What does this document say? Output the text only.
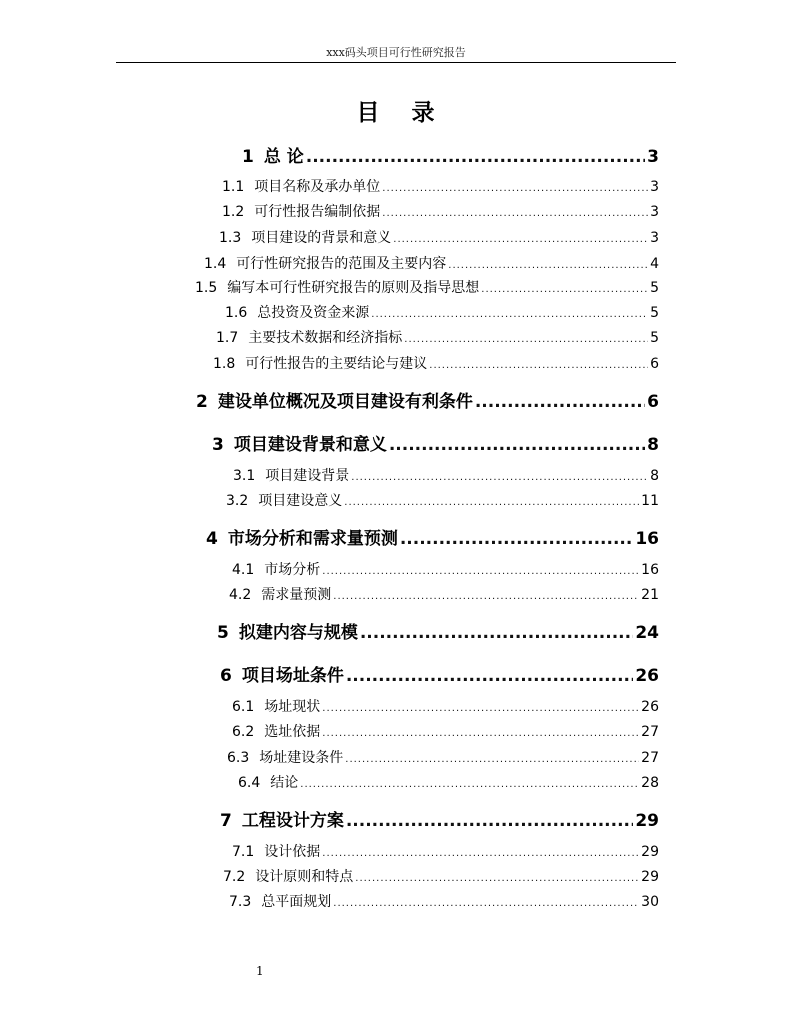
xxx码头项目可行性研究报告
目 录
1 总 论 .....	3
1.1 项目名称及承办单位 .....	3
1.2 可行性报告编制依据 .....	3
1.3 项目建设的背景和意义 .....	3
1.4 可行性研究报告的范围及主要内容 .....	4
1.5 编写本可行性研究报告的原则及指导思想 .....	5
1.6 总投资及资金来源 .....	5
1.7 主要技术数据和经济指标 .....	5
1.8 可行性报告的主要结论与建议 .....	6
2 建设单位概况及项目建设有利条件 .....	6
3 项目建设背景和意义 .....	8
3.1 项目建设背景 .....	8
3.2 项目建设意义 .....	11
4 市场分析和需求量预测 .....	16
4.1 市场分析 .....	16
4.2 需求量预测 .....	21
5 拟建内容与规模 .....	24
6 项目场址条件 .....	26
6.1 场址现状 .....	26
6.2 选址依据 .....	27
6.3 场址建设条件 .....	27
6.4 结论 .....	28
7 工程设计方案 .....	29
7.1 设计依据 .....	29
7.2 设计原则和特点 .....	29
7.3 总平面规划 .....	30
1
